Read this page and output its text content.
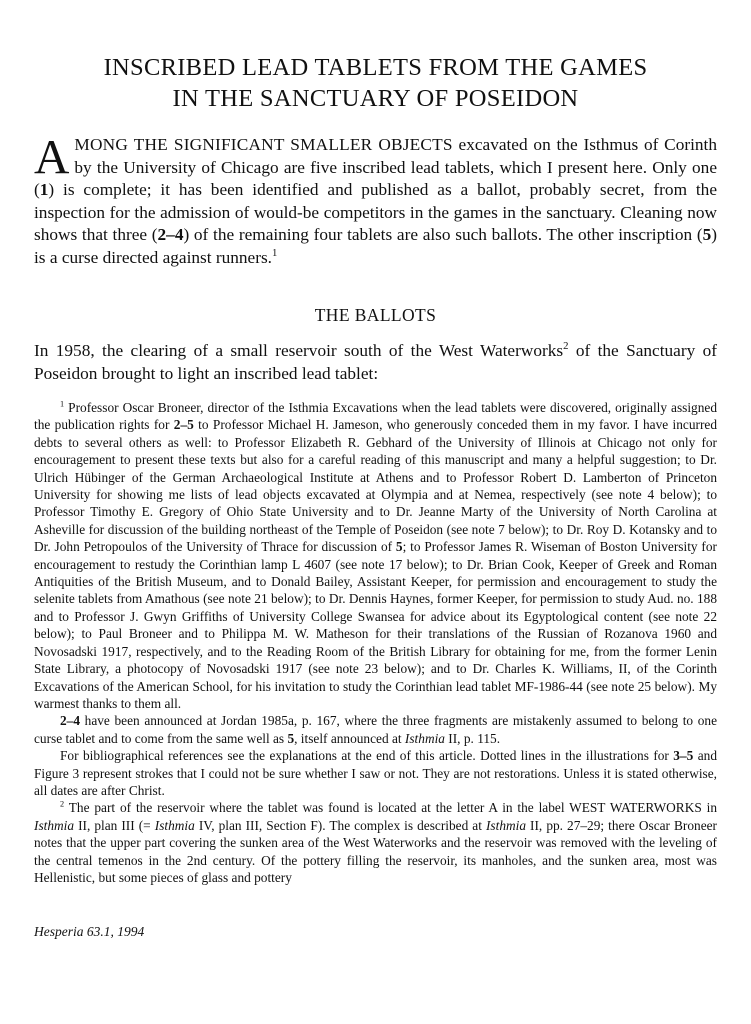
INSCRIBED LEAD TABLETS FROM THE GAMES
IN THE SANCTUARY OF POSEIDON
AMONG THE SIGNIFICANT SMALLER OBJECTS excavated on the Isthmus of Corinth by the University of Chicago are five inscribed lead tablets, which I present here. Only one (1) is complete; it has been identified and published as a ballot, probably secret, from the inspection for the admission of would-be competitors in the games in the sanctuary. Cleaning now shows that three (2–4) of the remaining four tablets are also such ballots. The other inscription (5) is a curse directed against runners.$^1$
THE BALLOTS
In 1958, the clearing of a small reservoir south of the West Waterworks$^2$ of the Sanctuary of Poseidon brought to light an inscribed lead tablet:

$^1$ Professor Oscar Broneer, director of the Isthmia Excavations when the lead tablets were discovered, originally assigned the publication rights for 2–5 to Professor Michael H. Jameson, who generously conceded them in my favor. I have incurred debts to several others as well: to Professor Elizabeth R. Gebhard of the University of Illinois at Chicago not only for encouragement to present these texts but also for a careful reading of this manuscript and many a helpful suggestion; to Dr. Ulrich Hübinger of the German Archaeological Institute at Athens and to Professor Robert D. Lamberton of Princeton University for showing me lists of lead objects excavated at Olympia and at Nemea, respectively (see note 4 below); to Professor Timothy E. Gregory of Ohio State University and to Dr. Jeanne Marty of the University of North Carolina at Asheville for discussion of the building northeast of the Temple of Poseidon (see note 7 below); to Dr. Roy D. Kotansky and to Dr. John Petropoulos of the University of Thrace for discussion of 5; to Professor James R. Wiseman of Boston University for encouragement to restudy the Corinthian lamp L 4607 (see note 17 below); to Dr. Brian Cook, Keeper of Greek and Roman Antiquities of the British Museum, and to Donald Bailey, Assistant Keeper, for permission and encouragement to study the selenite tablets from Amathous (see note 21 below); to Dr. Dennis Haynes, former Keeper, for permission to study Aud. no. 188 and to Professor J. Gwyn Griffiths of University College Swansea for advice about its Egyptological content (see note 22 below); to Paul Broneer and to Philippa M. W. Matheson for their translations of the Russian of Rozanova 1960 and Novosadski 1917, respectively, and to the Reading Room of the British Library for obtaining for me, from the former Lenin State Library, a photocopy of Novosadski 1917 (see note 23 below); and to Dr. Charles K. Williams, II, of the Corinth Excavations of the American School, for his invitation to study the Corinthian lead tablet MF-1986-44 (see note 25 below). My warmest thanks to them all.

2–4 have been announced at Jordan 1985a, p. 167, where the three fragments are mistakenly assumed to belong to one curse tablet and to come from the same well as 5, itself announced at Isthmia II, p. 115.

For bibliographical references see the explanations at the end of this article. Dotted lines in the illustrations for 3–5 and Figure 3 represent strokes that I could not be sure whether I saw or not. They are not restorations. Unless it is stated otherwise, all dates are after Christ.

$^2$ The part of the reservoir where the tablet was found is located at the letter A in the label WEST WATERWORKS in Isthmia II, plan III (= Isthmia IV, plan III, Section F). The complex is described at Isthmia II, pp. 27–29; there Oscar Broneer notes that the upper part covering the sunken area of the West Waterworks and the reservoir was removed with the leveling of the central temenos in the 2nd century. Of the pottery filling the reservoir, its manholes, and the sunken area, most was Hellenistic, but some pieces of glass and pottery

Hesperia 63.1, 1994
